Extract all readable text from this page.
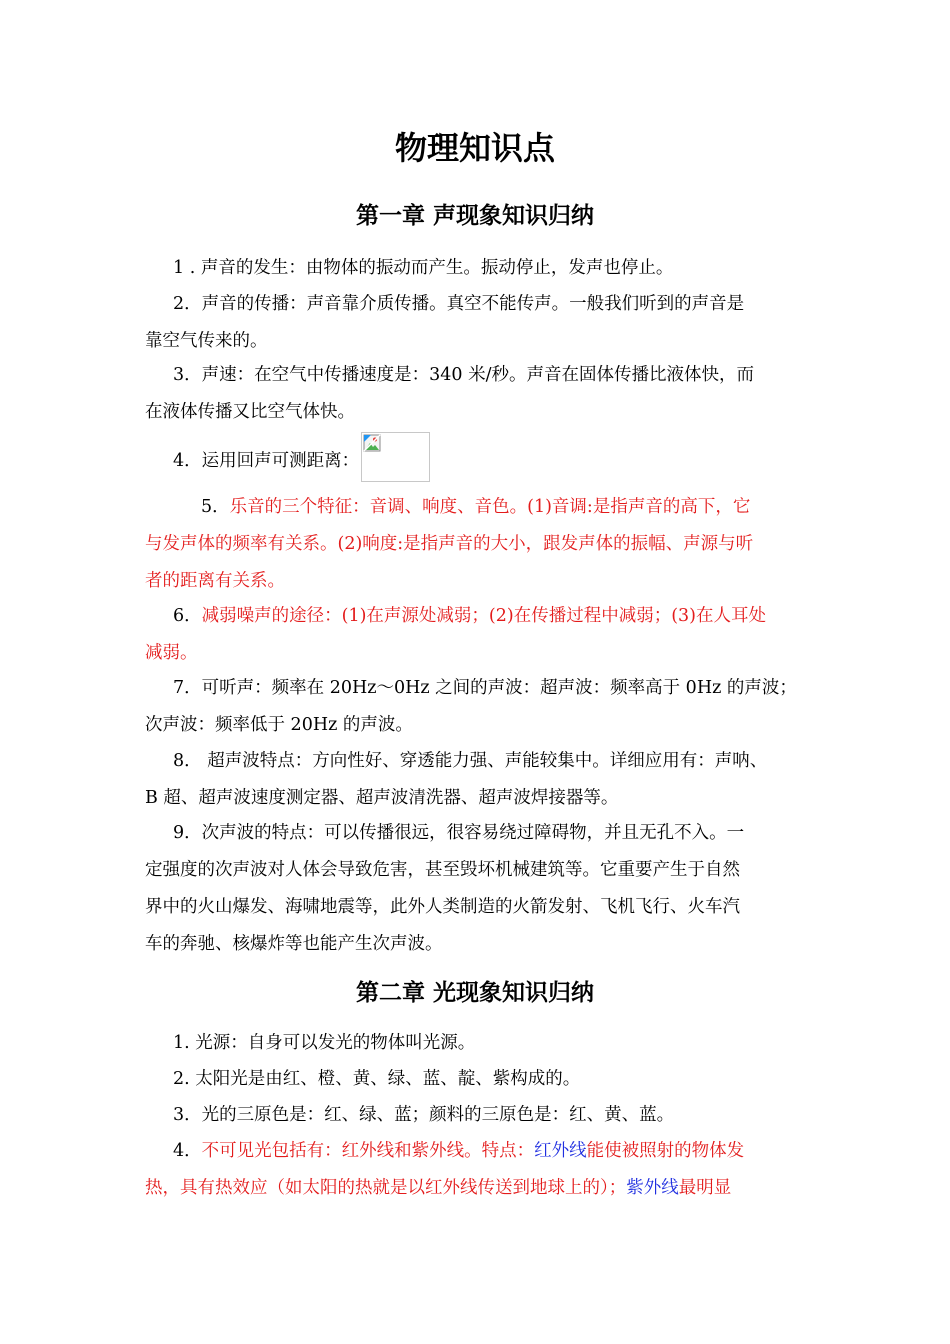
物理知识点
第一章 声现象知识归纳
1 . 声音的发生：由物体的振动而产生。振动停止，发声也停止。
2．声音的传播：声音靠介质传播。真空不能传声。一般我们听到的声音是
靠空气传来的。
3．声速：在空气中传播速度是：340 米/秒。声音在固体传播比液体快，而
在液体传播又比空气体快。
4．运用回声可测距离：
5．乐音的三个特征：音调、响度、音色。(1)音调:是指声音的高下，它
与发声体的频率有关系。(2)响度:是指声音的大小，跟发声体的振幅、声源与听
者的距离有关系。
6．减弱噪声的途径：(1)在声源处减弱；(2)在传播过程中减弱；(3)在人耳处
减弱。
7．可听声：频率在 20Hz～0Hz 之间的声波：超声波：频率高于 0Hz 的声波；
次声波：频率低于 20Hz 的声波。
8． 超声波特点：方向性好、穿透能力强、声能较集中。详细应用有：声呐、
B 超、超声波速度测定器、超声波清洗器、超声波焊接器等。
9．次声波的特点：可以传播很远，很容易绕过障碍物，并且无孔不入。一
定强度的次声波对人体会导致危害，甚至毁坏机械建筑等。它重要产生于自然
界中的火山爆发、海啸地震等，此外人类制造的火箭发射、飞机飞行、火车汽
车的奔驰、核爆炸等也能产生次声波。
第二章 光现象知识归纳
1. 光源：自身可以发光的物体叫光源。
2. 太阳光是由红、橙、黄、绿、蓝、靛、紫构成的。
3．光的三原色是：红、绿、蓝；颜料的三原色是：红、黄、蓝。
4．不可见光包括有：红外线和紫外线。特点：红外线能使被照射的物体发
热，具有热效应（如太阳的热就是以红外线传送到地球上的）；紫外线最明显
